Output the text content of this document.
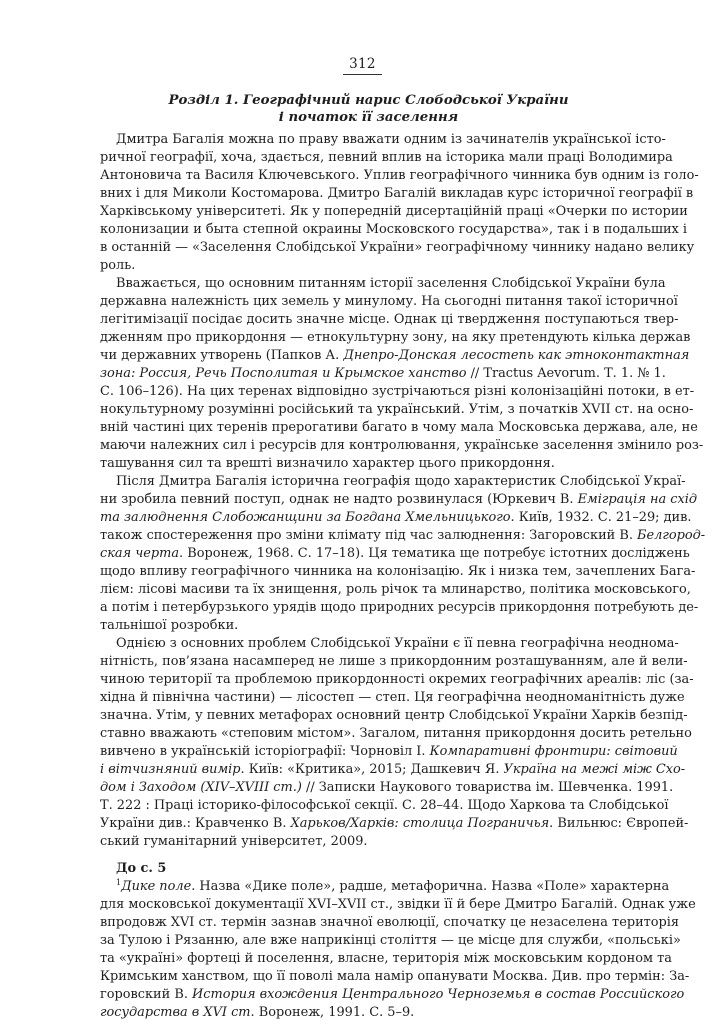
312
Розділ 1. Географічний нарис Слободської України
і початок її заселення
Дмитра Багалія можна по праву вважати одним із зачинателів української істо-
ричної географії, хоча, здається, певний вплив на історика мали праці Володимира
Антоновича та Василя Ключевського. Уплив географічного чинника був одним із голо-
вних і для Миколи Костомарова. Дмитро Багалій викладав курс історичної географії в
Харківському університеті. Як у попередній дисертаційній праці «Очерки по истории
колонизации и быта степной окраины Московского государства», так і в подальших і
в останній — «Заселення Слобідської України» географічному чиннику надано велику
роль.
Вважається, що основним питанням історії заселення Слобідської України була
державна належність цих земель у минулому. На сьогодні питання такої історичної
легітимізації посідає досить значне місце. Однак ці твердження поступаються твер-
дженням про прикордоння — етнокультурну зону, на яку претендують кілька держав
чи державних утворень (Папков А. Днепро-Донская лесостепь как этноконтактная
зона: Россия, Речь Посполитая и Крымское ханство // Tractus Aevorum. Т. 1. № 1.
С. 106–126). На цих теренах відповідно зустрічаються різні колонізаційні потоки, в ет-
нокультурному розумінні російський та український. Утім, з початків XVII ст. на осно-
вній частині цих теренів прерогативи багато в чому мала Московська держава, але, не
маючи належних сил і ресурсів для контролювання, українське заселення змінило роз-
ташування сил та врешті визначило характер цього прикордоння.
Після Дмитра Багалія історична географія щодо характеристик Слобідської Украї-
ни зробила певний поступ, однак не надто розвинулася (Юркевич В. Еміграція на схід
та залюднення Слобожанщини за Богдана Хмельницького. Київ, 1932. С. 21–29; див.
також спостереження про зміни клімату під час залюднення: Загоровский В. Белгород-
ская черта. Воронеж, 1968. С. 17–18). Ця тематика ще потребує істотних досліджень
щодо впливу географічного чинника на колонізацію. Як і низка тем, зачеплених Бага-
лієм: лісові масиви та їх знищення, роль річок та млинарство, політика московського,
а потім і петербурзького урядів щодо природних ресурсів прикордоння потребують де-
тальнішої розробки.
Однією з основних проблем Слобідської України є її певна географічна неоднома-
нітність, пов’язана насамперед не лише з прикордонним розташуванням, але й вели-
чиною території та проблемою прикордонності окремих географічних ареалів: ліс (за-
хідна й північна частини) — лісостеп — степ. Ця географічна неодноманітність дуже
значна. Утім, у певних метафорах основний центр Слобідської України Харків безпід-
ставно вважають «степовим містом». Загалом, питання прикордоння досить ретельно
вивчено в українській історіографії: Чорновіл І. Компаративні фронтири: світовий
і вітчизняний вимір. Київ: «Критика», 2015; Дашкевич Я. Україна на межі між Схо-
дом і Заходом (XIV–XVIII ст.) // Записки Наукового товариства ім. Шевченка. 1991.
Т. 222 : Праці історико-філософської секції. С. 28–44. Щодо Харкова та Слобідської
України див.: Кравченко В. Харьков/Харків: столица Пограничья. Вильнюс: Європей-
ський гуманітарний університет, 2009.
До с. 5
$^1$Дике поле. Назва «Дике поле», радше, метафорична. Назва «Поле» характерна
для московської документації XVI–XVII ст., звідки її й бере Дмитро Багалій. Однак уже
впродовж XVI ст. термін зазнав значної еволюції, спочатку це незаселена територія
за Тулою і Рязанню, але вже наприкінці століття — це місце для служби, «польські»
та «україні» фортеці й поселення, власне, територія між московським кордоном та
Кримським ханством, що її поволі мала намір опанувати Москва. Див. про термін: За-
горовский В. История вхождения Центрального Черноземья в состав Российского
государства в XVI ст. Воронеж, 1991. С. 5–9.
